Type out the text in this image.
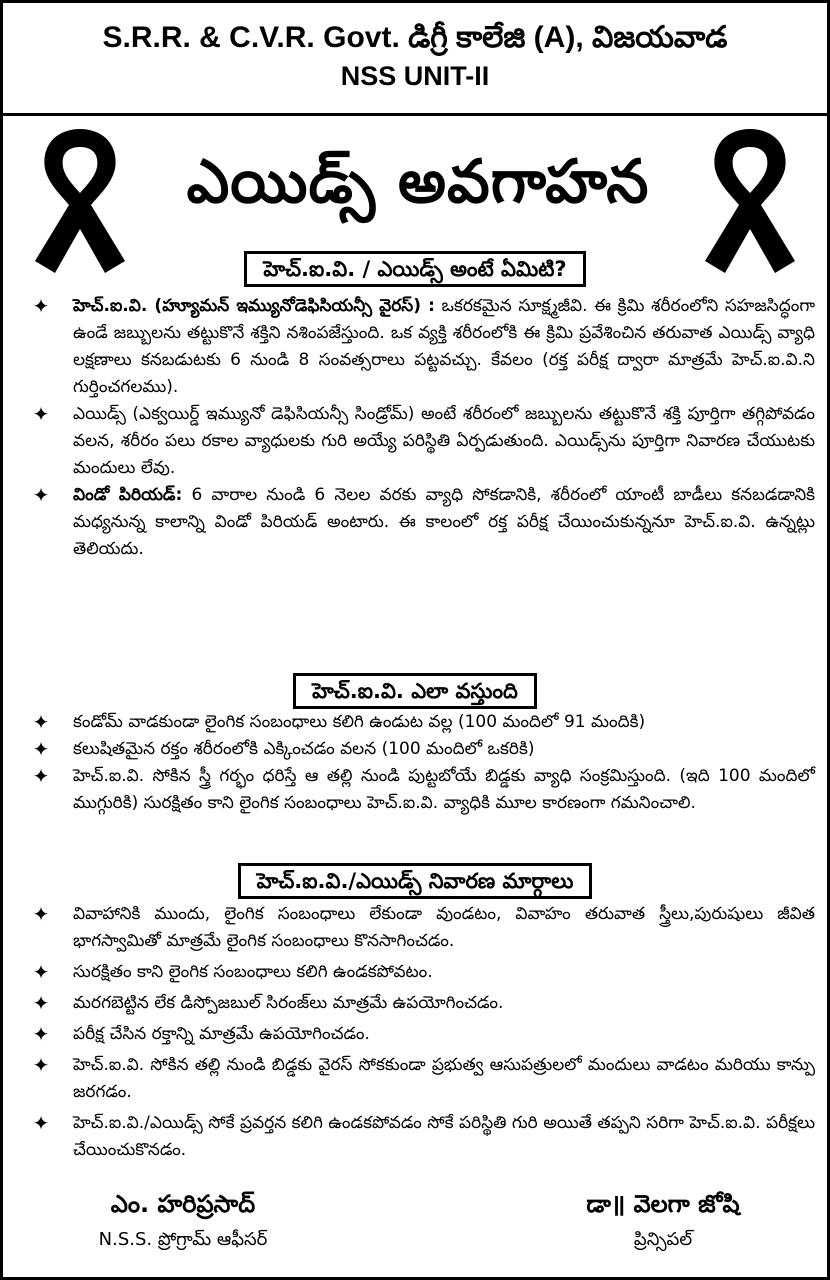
S.R.R. & C.V.R. Govt. డిగ్రీ కాలేజి (A), విజయవాడ
NSS UNIT-II
ఎయిడ్స్ అవగాహన
హెచ్.ఐ.వి. / ఎయిడ్స్ అంటే ఏమిటి?
✦ హెచ్.ఐ.వి. (హ్యూమన్ ఇమ్యునోడెఫిసియన్సీ వైరస్) : ఒకరకమైన సూక్ష్మజీవి. ఈ క్రిమి శరీరంలోని సహజసిద్ధంగా ఉండే జబ్బులను తట్టుకొనే శక్తిని నశింపజేస్తుంది. ఒక వ్యక్తి శరీరంలోకి ఈ క్రిమి ప్రవేశించిన తరువాత ఎయిడ్స్ వ్యాధి లక్షణాలు కనబడుటకు 6 నుండి 8 సంవత్సరాలు పట్టవచ్చు. కేవలం (రక్త పరీక్ష ద్వారా మాత్రమే హెచ్.ఐ.వి.ని గుర్తించగలము).
✦ ఎయిడ్స్ (ఎక్వయిర్డ్ ఇమ్యునో డెఫిసియన్సీ సిండ్రోమ్) అంటే శరీరంలో జబ్బులను తట్టుకొనే శక్తి పూర్తిగా తగ్గిపోవడం వలన, శరీరం పలు రకాల వ్యాధులకు గురి అయ్యే పరిస్థితి ఏర్పడుతుంది. ఎయిడ్స్‌ను పూర్తిగా నివారణ చేయుటకు మందులు లేవు.
✦ విండో పిరియడ్: 6 వారాల నుండి 6 నెలల వరకు వ్యాధి సోకడానికి, శరీరంలో యాంటీ బాడీలు కనబడడానికి మధ్యనున్న కాలాన్ని విండో పిరియడ్ అంటారు. ఈ కాలంలో రక్త పరీక్ష చేయించుకున్ననూ హెచ్.ఐ.వి. ఉన్నట్లు తెలియదు.
హెచ్.ఐ.వి. ఎలా వస్తుంది
✦ కండోమ్ వాడకుండా లైంగిక సంబంధాలు కలిగి ఉండుట వల్ల (100 మందిలో 91 మందికి)
✦ కలుషితమైన రక్తం శరీరంలోకి ఎక్కించడం వలన (100 మందిలో ఒకరికి)
✦ హెచ్.ఐ.వి. సోకిన స్త్రీ గర్భం ధరిస్తే ఆ తల్లి నుండి పుట్టబోయే బిడ్డకు వ్యాధి సంక్రమిస్తుంది. (ఇది 100 మందిలో ముగ్గురికి) సురక్షితం కాని లైంగిక సంబంధాలు హెచ్.ఐ.వి. వ్యాధికి మూల కారణంగా గమనించాలి.
హెచ్.ఐ.వి./ఎయిడ్స్ నివారణ మార్గాలు
✦ వివాహానికి ముందు, లైంగిక సంబంధాలు లేకుండా వుండటం, వివాహం తరువాత స్త్రీలు,పురుషులు జీవిత భాగస్వామితో మాత్రమే లైంగిక సంబంధాలు కొనసాగించడం.
✦ సురక్షితం కాని లైంగిక సంబంధాలు కలిగి ఉండకపోవటం.
✦ మరగబెట్టిన లేక డిస్పోజబుల్ సిరంజ్‌లు మాత్రమే ఉపయోగించడం.
✦ పరీక్ష చేసిన రక్తాన్ని మాత్రమే ఉపయోగించడం.
✦ హెచ్.ఐ.వి. సోకిన తల్లి నుండి బిడ్డకు వైరస్ సోకకుండా ప్రభుత్వ ఆసుపత్రులలో మందులు వాడటం మరియు కాన్పు జరగడం.
✦ హెచ్.ఐ.వి./ఎయిడ్స్ సోకే ప్రవర్తన కలిగి ఉండకపోవడం సోకే పరిస్థితి గురి అయితే తప్పని సరిగా హెచ్.ఐ.వి. పరీక్షలు చేయించుకొనడం.
ఎం. హరిప్రసాద్
N.S.S. ప్రోగ్రామ్ ఆఫీసర్
డా॥ వెలగా జోషి
ప్రిన్సిపల్
